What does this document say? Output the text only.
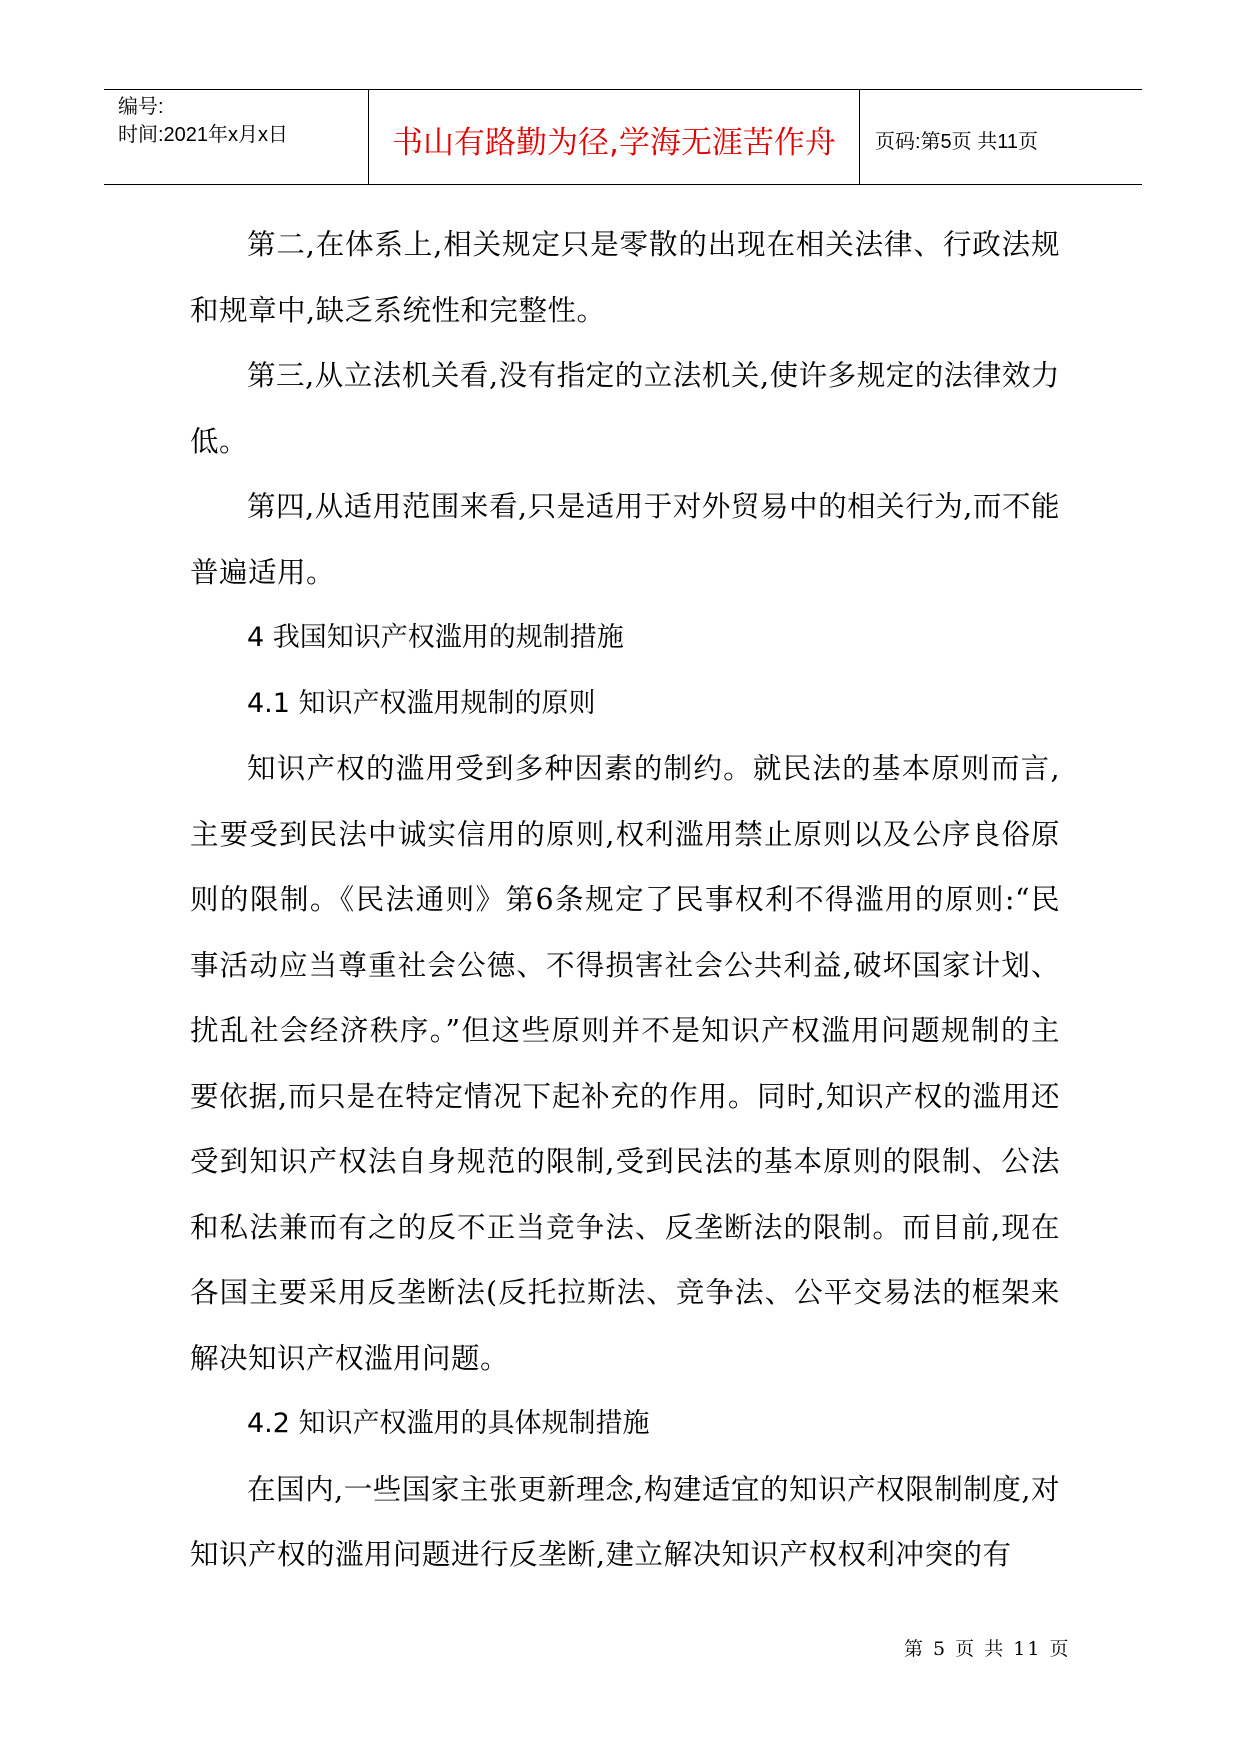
编号:
时间:2021年x月x日	书山有路勤为径,学海无涯苦作舟 页码:第5页 共11页

第二,在体系上,相关规定只是零散的出现在相关法律、行政法规和规章中,缺乏系统性和完整性。

第三,从立法机关看,没有指定的立法机关,使许多规定的法律效力低。

第四,从适用范围来看,只是适用于对外贸易中的相关行为,而不能普遍适用。

4 我国知识产权滥用的规制措施

4.1 知识产权滥用规制的原则

知识产权的滥用受到多种因素的制约。就民法的基本原则而言,主要受到民法中诚实信用的原则,权利滥用禁止原则以及公序良俗原则的限制。《民法通则》第6条规定了民事权利不得滥用的原则:“民事活动应当尊重社会公德、不得损害社会公共利益,破坏国家计划、扰乱社会经济秩序。”但这些原则并不是知识产权滥用问题规制的主要依据,而只是在特定情况下起补充的作用。同时,知识产权的滥用还受到知识产权法自身规范的限制,受到民法的基本原则的限制、公法和私法兼而有之的反不正当竞争法、反垄断法的限制。而目前,现在各国主要采用反垄断法(反托拉斯法、竞争法、公平交易法的框架来解决知识产权滥用问题。

4.2 知识产权滥用的具体规制措施

在国内,一些国家主张更新理念,构建适宜的知识产权限制制度,对知识产权的滥用问题进行反垄断,建立解决知识产权权利冲突的有

第 5 页 共 11 页
